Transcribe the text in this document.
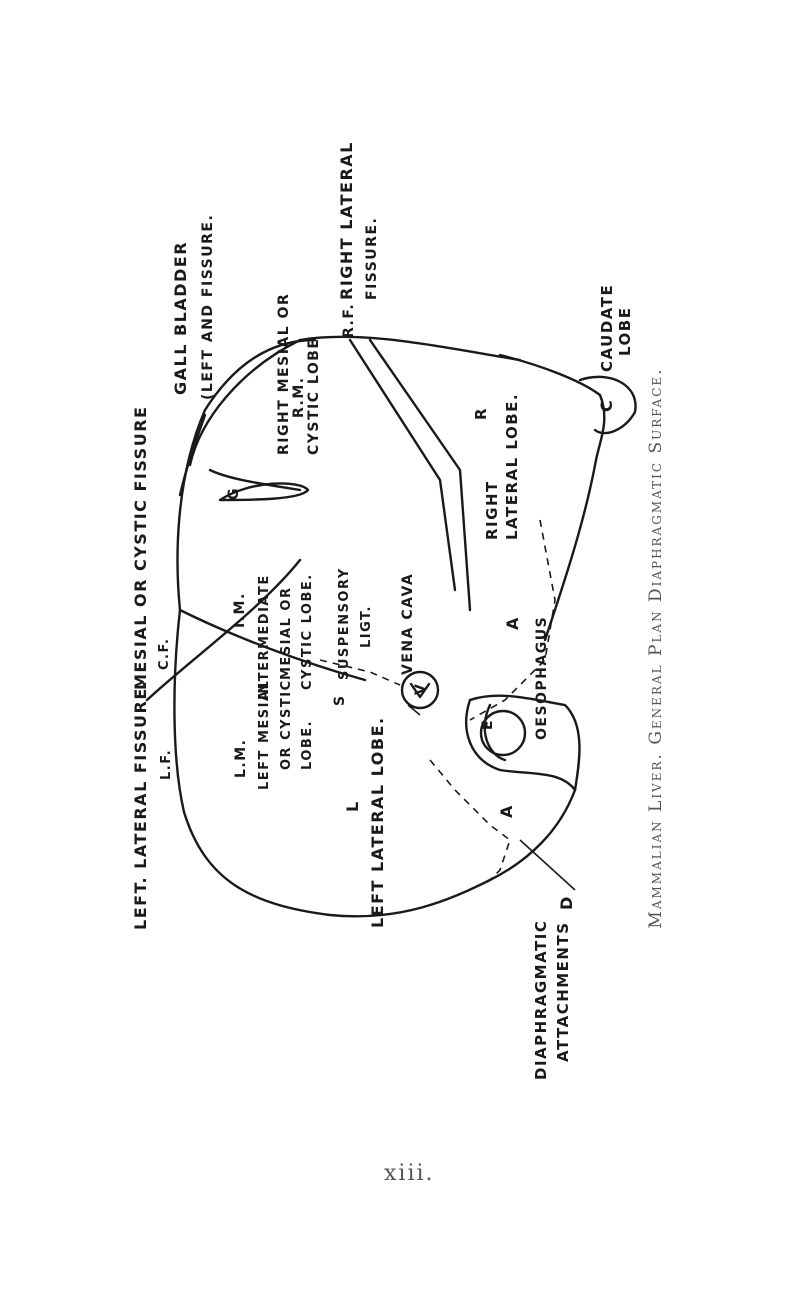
LEFT. LATERAL FISSURE. L.F.
MESIAL OR CYSTIC FISSURE C.F.
GALL BLADDER (LEFT AND FISSURE.	R.F.
RIGHT LATERAL FISSURE.
CAUDATE LOBE
C
R.M.
RIGHT MESIAL OR CYSTIC LOBE	R
RIGHT LATERAL LOBE.
G
I.M. INTERMEDIATE MESIAL OR CYSTIC LOBE.
L.M. LEFT MESIAL OR CYSTIC LOBE.
SUSPENSORY LIGT.
S
VENA CAVA
V
A
A
OESOPHAGUS
E
L LEFT LATERAL LOBE.	D
DIAPHRAGMATIC ATTACHMENTS
Mammalian Liver. General Plan Diaphragmatic Surface.
xiii.
